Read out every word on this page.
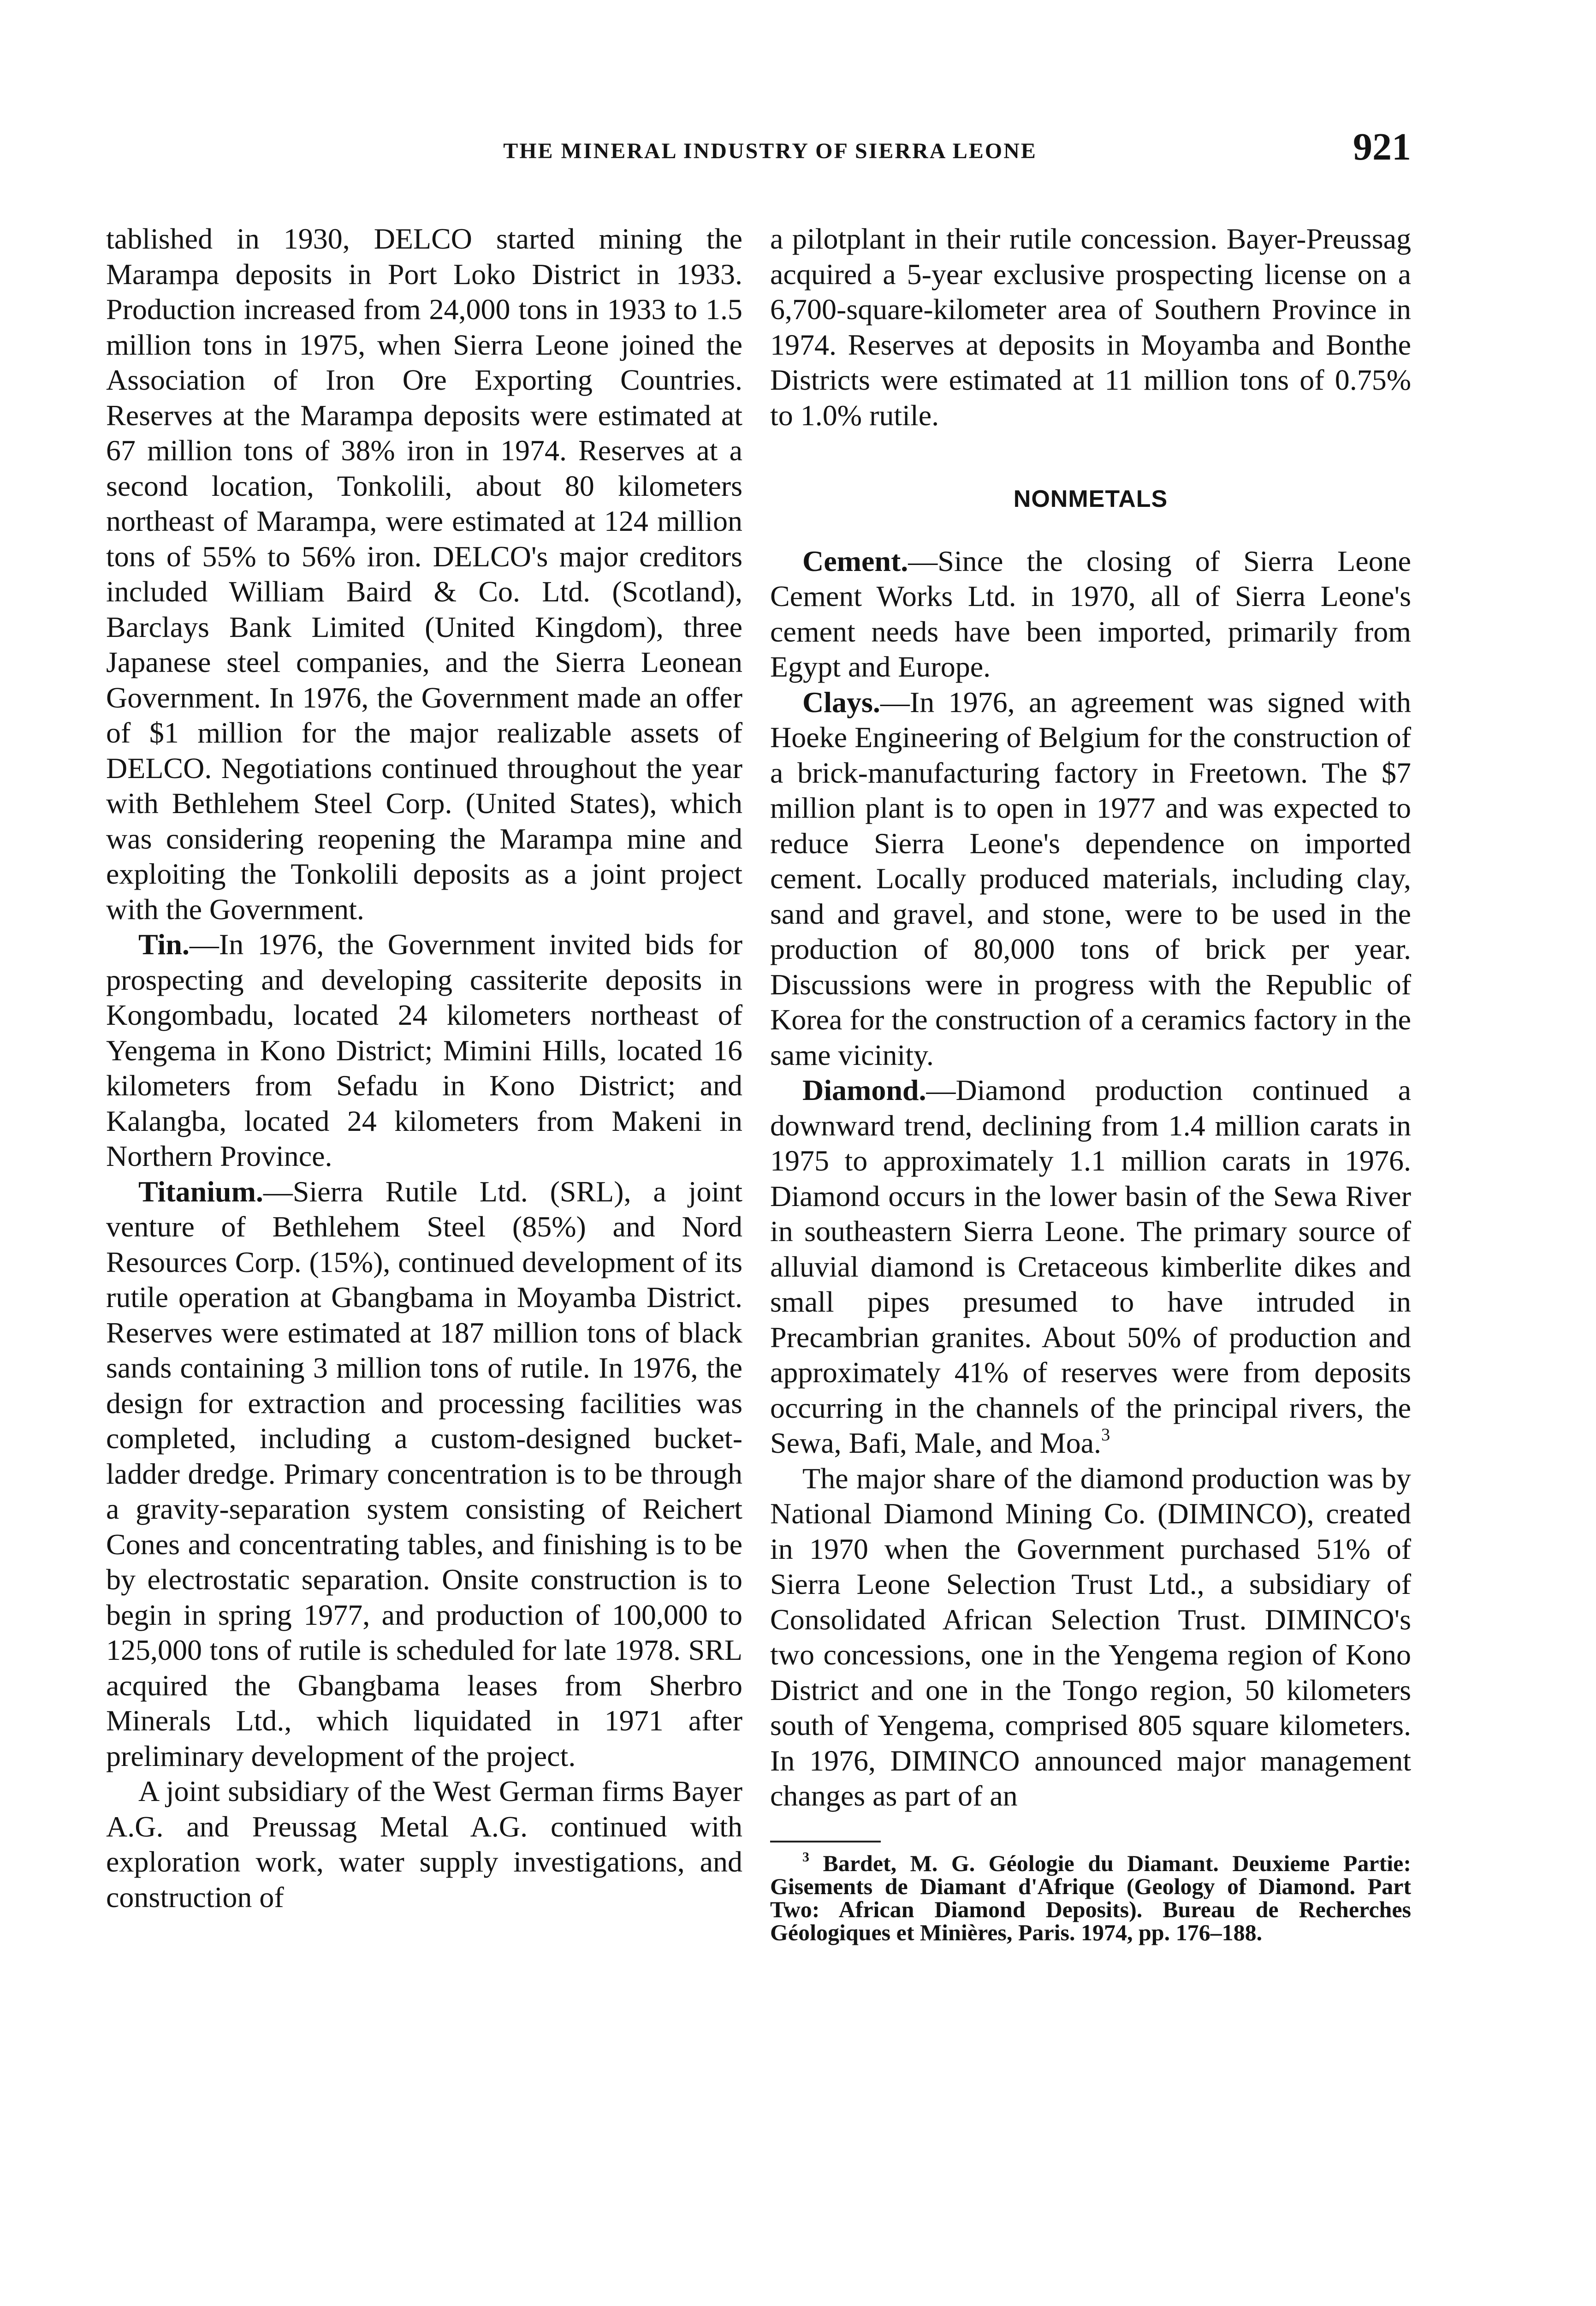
THE MINERAL INDUSTRY OF SIERRA LEONE	921

tablished in 1930, DELCO started mining the Marampa deposits in Port Loko District in 1933. Production increased from 24,000 tons in 1933 to 1.5 million tons in 1975, when Sierra Leone joined the Association of Iron Ore Exporting Countries. Reserves at the Marampa deposits were estimated at 67 million tons of 38% iron in 1974. Reserves at a second location, Tonkolili, about 80 kilometers northeast of Marampa, were estimated at 124 million tons of 55% to 56% iron. DELCO's major creditors included William Baird & Co. Ltd. (Scotland), Barclays Bank Limited (United Kingdom), three Japanese steel companies, and the Sierra Leonean Government. In 1976, the Government made an offer of $1 million for the major realizable assets of DELCO. Negotiations continued throughout the year with Bethlehem Steel Corp. (United States), which was considering reopening the Marampa mine and exploiting the Tonkolili deposits as a joint project with the Government.

Tin.—In 1976, the Government invited bids for prospecting and developing cassiterite deposits in Kongombadu, located 24 kilometers northeast of Yengema in Kono District; Mimini Hills, located 16 kilometers from Sefadu in Kono District; and Kalangba, located 24 kilometers from Makeni in Northern Province.

Titanium.—Sierra Rutile Ltd. (SRL), a joint venture of Bethlehem Steel (85%) and Nord Resources Corp. (15%), continued development of its rutile operation at Gbangbama in Moyamba District. Reserves were estimated at 187 million tons of black sands containing 3 million tons of rutile. In 1976, the design for extraction and processing facilities was completed, including a custom-designed bucket-ladder dredge. Primary concentration is to be through a gravity-separation system consisting of Reichert Cones and concentrating tables, and finishing is to be by electrostatic separation. Onsite construction is to begin in spring 1977, and production of 100,000 to 125,000 tons of rutile is scheduled for late 1978. SRL acquired the Gbangbama leases from Sherbro Minerals Ltd., which liquidated in 1971 after preliminary development of the project.

A joint subsidiary of the West German firms Bayer A.G. and Preussag Metal A.G. continued with exploration work, water supply investigations, and construction of

a pilotplant in their rutile concession. Bayer-Preussag acquired a 5-year exclusive prospecting license on a 6,700-square-kilometer area of Southern Province in 1974. Reserves at deposits in Moyamba and Bonthe Districts were estimated at 11 million tons of 0.75% to 1.0% rutile.

NONMETALS

Cement.—Since the closing of Sierra Leone Cement Works Ltd. in 1970, all of Sierra Leone's cement needs have been imported, primarily from Egypt and Europe.

Clays.—In 1976, an agreement was signed with Hoeke Engineering of Belgium for the construction of a brick-manufacturing factory in Freetown. The $7 million plant is to open in 1977 and was expected to reduce Sierra Leone's dependence on imported cement. Locally produced materials, including clay, sand and gravel, and stone, were to be used in the production of 80,000 tons of brick per year. Discussions were in progress with the Republic of Korea for the construction of a ceramics factory in the same vicinity.

Diamond.—Diamond production continued a downward trend, declining from 1.4 million carats in 1975 to approximately 1.1 million carats in 1976. Diamond occurs in the lower basin of the Sewa River in southeastern Sierra Leone. The primary source of alluvial diamond is Cretaceous kimberlite dikes and small pipes presumed to have intruded in Precambrian granites. About 50% of production and approximately 41% of reserves were from deposits occurring in the channels of the principal rivers, the Sewa, Bafi, Male, and Moa.$^3$

The major share of the diamond production was by National Diamond Mining Co. (DIMINCO), created in 1970 when the Government purchased 51% of Sierra Leone Selection Trust Ltd., a subsidiary of Consolidated African Selection Trust. DIMINCO's two concessions, one in the Yengema region of Kono District and one in the Tongo region, 50 kilometers south of Yengema, comprised 805 square kilometers. In 1976, DIMINCO announced major management changes as part of an

$^3$ Bardet, M. G. Géologie du Diamant. Deuxieme Partie: Gisements de Diamant d'Afrique (Geology of Diamond. Part Two: African Diamond Deposits). Bureau de Recherches Géologiques et Minières, Paris. 1974, pp. 176–188.
